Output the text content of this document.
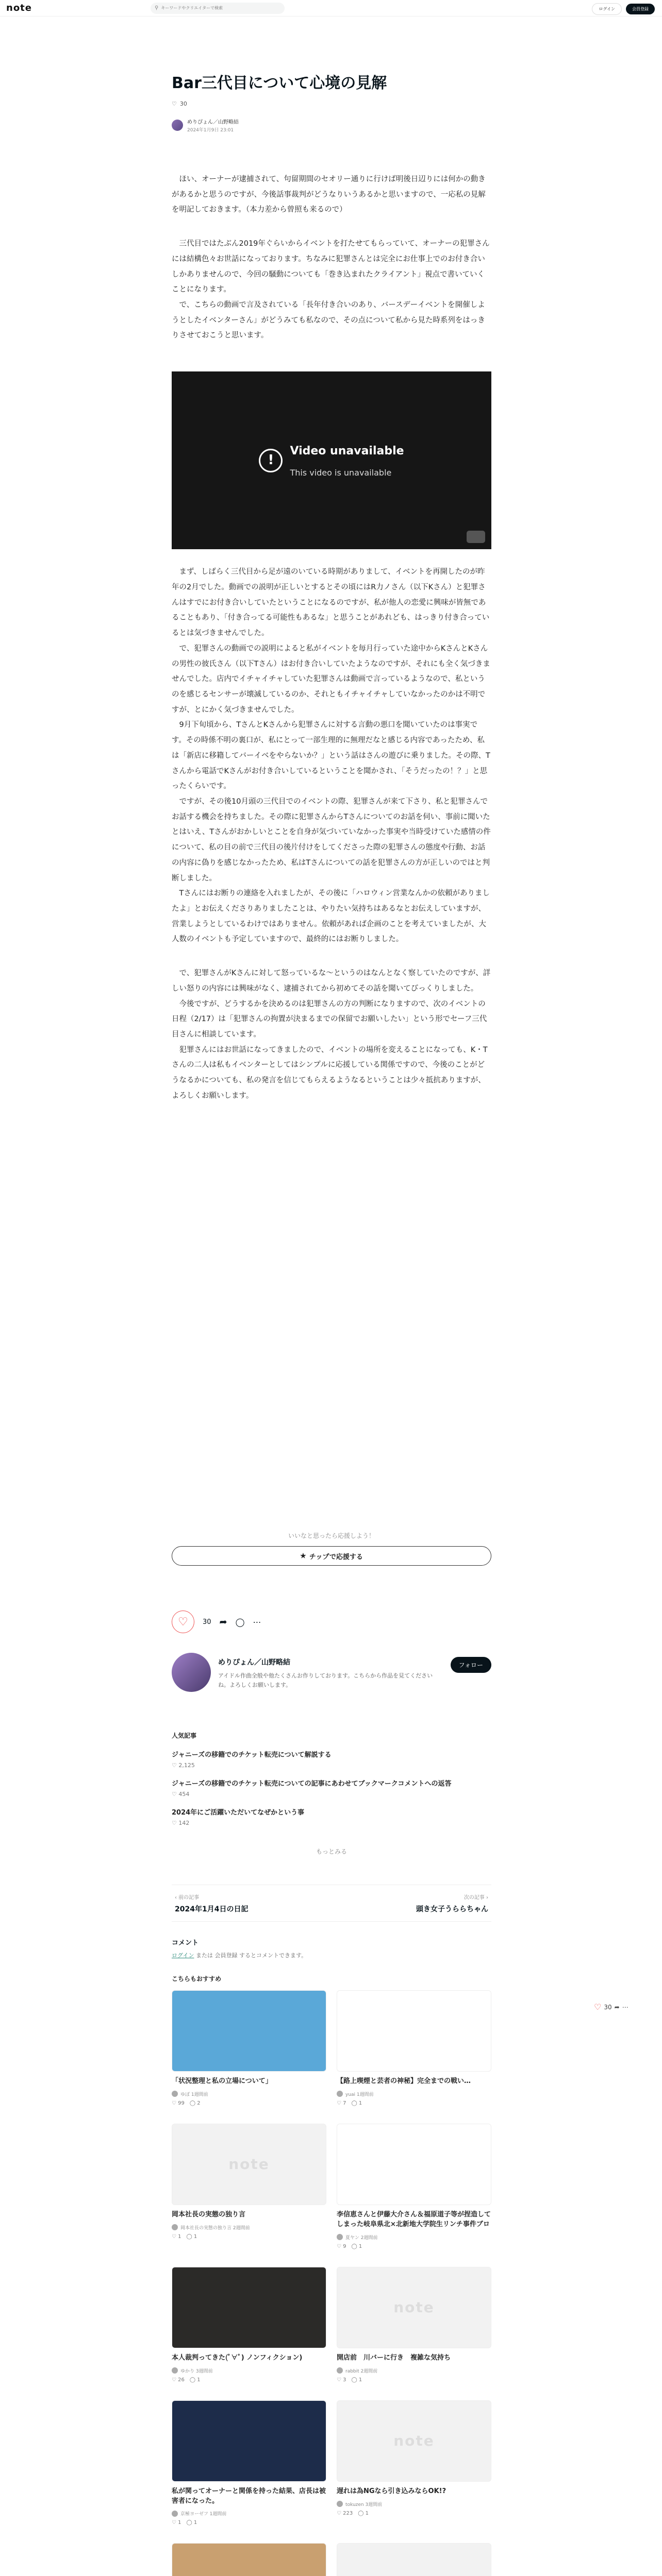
note	⚲
キーワードやクリエイターで検索	ログイン	会員登録
Bar三代目について心境の見解
♡ 30
めりぴょん／山野略結
2024年1月9日 23:01

ほい、オーナーが逮捕されて、句留期間のセオリー通りに行けば明後日辺りには何かの動きがあるかと思うのですが、今後話事裁判がどうなりいうあるかと思いますので、一応私の見解を明記しておきます。（本力差から曾照も来るので）

三代目ではたぶん2019年ぐらいからイベントを打たせてもらっていて、オーナーの犯罪さんには結構色々お世話になっております。ちなみに犯罪さんとは完全にお仕事上でのお付き合いしかありませんので、今回の騒動についても「巻き込まれたクライアント」視点で書いていくことになります。

で、こちらの動画で言及されている「長年付き合いのあり、バースデーイベントを開催しようとしたイベンターさん」がどうみても私なので、その点について私から見た時系列をはっきりさせておこうと思います。

!
Video unavailable
This video is unavailable

まず、しばらく三代目から足が遠のいている時期がありまして、イベントを再開したのが昨年の2月でした。動画での説明が正しいとするとその頃にはR力ノさん（以下Kさん）と犯罪さんはすでにお付き合いしていたということになるのですが、私が他人の恋愛に興味が皆無であることもあり、「付き合ってる可能性もあるな」と思うことがあれども、はっきり付き合っているとは気づきませんでした。

で、犯罪さんの動画での説明によると私がイベントを毎月行っていた途中からKさんとKさんの男性の彼氏さん（以下Tさん）はお付き合いしていたようなのですが、それにも全く気づきませんでした。店内でイチャイチャしていた犯罪さんは動画で言っているようなので、私というのを感じるセンサーが壊滅しているのか、それともイチャイチャしていなかったのかは不明ですが、とにかく気づきませんでした。

9月下旬頃から、TさんとKさんから犯罪さんに対する言動の悪口を聞いていたのは事実です。その時係不明の裏口が、私にとって一部生理的に無理だなと感じる内容であったため、私は「新店に移籍してバーイベをやらないか？」という話はさんの遊びに乗りました。その際、Tさんから電話でKさんがお付き合いしているということを聞かされ、「そうだったの！？」と思ったくらいです。

ですが、その後10月頭の三代目でのイベントの際、犯罪さんが来て下さり、私と犯罪さんでお話する機会を持ちました。その際に犯罪さんからTさんについてのお話を伺い、事前に聞いたとはいえ、Tさんがおかしいとことを自身が気づいていなかった事実や当時受けていた感情の件について、私の目の前で三代目の後片付けをしてくださった際の犯罪さんの態度や行動、お話の内容に偽りを感じなかったため、私はTさんについての話を犯罪さんの方が正しいのではと判断しました。

Tさんにはお断りの連絡を入れましたが、その後に「ハロウィン営業なんかの依頼がありましたよ」とお伝えくださりありましたことは、やりたい気持ちはあるなとお伝えしていますが、営業しようとしているわけではありません。依頼があれば企画のことを考えていましたが、大人数のイベントも予定していますので、最終的にはお断りしました。

で、犯罪さんがKさんに対して怒っているな〜というのはなんとなく察していたのですが、詳しい怒りの内容には興味がなく、逮捕されてから初めてその話を聞いてびっくりしました。

今後ですが、どうするかを決めるのは犯罪さんの方の判断になりますので、次のイベントの日程（2/17）は「犯罪さんの拘置が決まるまでの保留でお願いしたい」という形でセーフ三代目さんに相談しています。

犯罪さんにはお世話になってきましたので、イベントの場所を変えることになっても、K・Tさんの二人は私もイベンターとしてはシンプルに応援している関係ですので、今後のことがどうなるかについても、私の発言を信じてもらえるようなるということは少々抵抗ありますが、よろしくお願いします。

いいなと思ったら応援しよう！
★ チップで応援する
♡ 30 ➦ ◯ ⋯
めりぴょん／山野略結
アイドル作曲全般や他たくさんお作りしております。こちらから作品を見てくださいね。よろしくお願いします。
フォロー
人気記事
ジャニーズの移籍でのチケット転売について解説する
♡ 2,125
ジャニーズの移籍でのチケット転売についての記事にあわせてブックマークコメントへの返答
♡ 454
2024年にご活躍いただいてなぜかという事
♡ 142
もっとみる
‹ 前の記事
2024年1月4日の日記
次の記事 ›
頭き女子うららちゃん
コメント
ログイン または 会員登録 するとコメントできます。
♡ 30 ➦ ⋯
こちらもおすすめ
「状況整理と私の立場について」
ゆぼ 1週間前
♡ 99 ◯ 2
【路上喫煙と芸者の神秘】完全までの戦い…
yuai 1週間前
♡ 7 ◯ 1
note
岡本社長の実態の独り言
岡本社長の実態の独り言 2週間前
♡ 1 ◯ 1
李信恵さんと伊藤大介さん＆福原道子等が捏造してしまった岐阜県北×北新地大学院生リンチ事件ブロ
夏ヤン 2週間前
♡ 9 ◯ 1
本人裁判ってきた(ﾟ∀ﾟ) ノンフィクション)
ゆかり 3週間前
♡ 26 ◯ 1
note
開店前　川バーに行き　複雑な気持ち
rabbit 2週間前
♡ 3 ◯ 1
私が関ってオーナーと関係を持った結果、店長は被害者になった。
京極ヨーゼフ 1週間前
♡ 1 ◯ 1
note
遅れは為NGなら引き込みならOK!?
tokuzen 3週間前
♡ 223 ◯ 1
